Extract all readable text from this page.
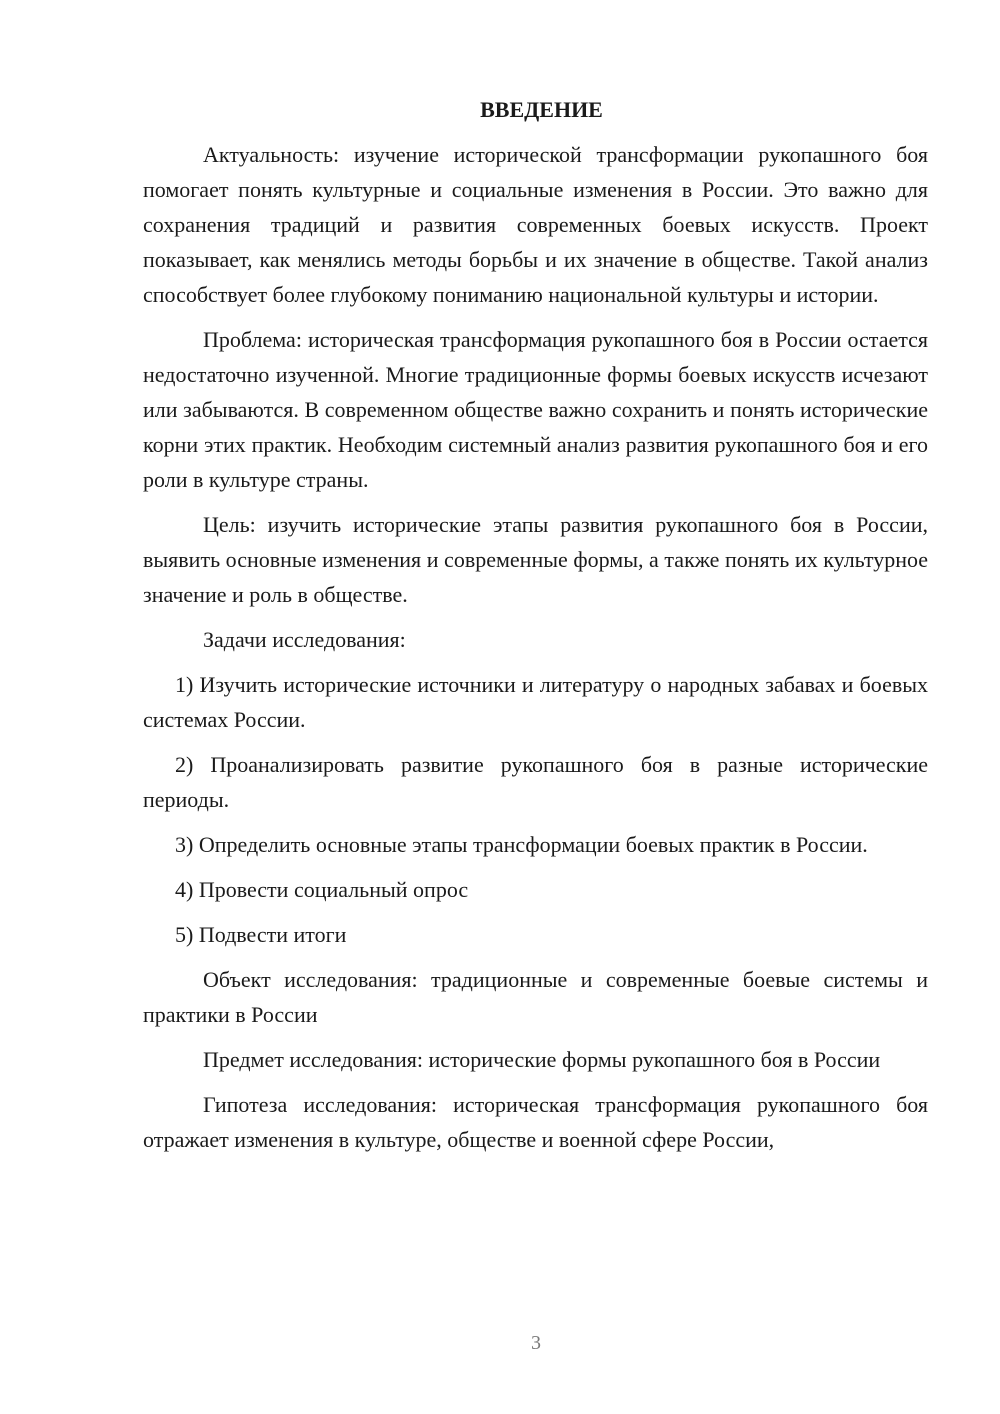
ВВЕДЕНИЕ

Актуальность: изучение исторической трансформации рукопашного боя помогает понять культурные и социальные изменения в России. Это важно для сохранения традиций и развития современных боевых искусств. Проект показывает, как менялись методы борьбы и их значение в обществе. Такой анализ способствует более глубокому пониманию национальной культуры и истории.

Проблема: историческая трансформация рукопашного боя в России остается недостаточно изученной. Многие традиционные формы боевых искусств исчезают или забываются. В современном обществе важно сохранить и понять исторические корни этих практик. Необходим системный анализ развития рукопашного боя и его роли в культуре страны.

Цель: изучить исторические этапы развития рукопашного боя в России, выявить основные изменения и современные формы, а также понять их культурное значение и роль в обществе.

Задачи исследования:

1) Изучить исторические источники и литературу о народных забавах и боевых системах России.

2) Проанализировать развитие рукопашного боя в разные исторические периоды.

3) Определить основные этапы трансформации боевых практик в России.

4) Провести социальный опрос

5) Подвести итоги

Объект исследования: традиционные и современные боевые системы и практики в России

Предмет исследования: исторические формы рукопашного боя в России

Гипотеза исследования: историческая трансформация рукопашного боя отражает изменения в культуре, обществе и военной сфере России,

3
